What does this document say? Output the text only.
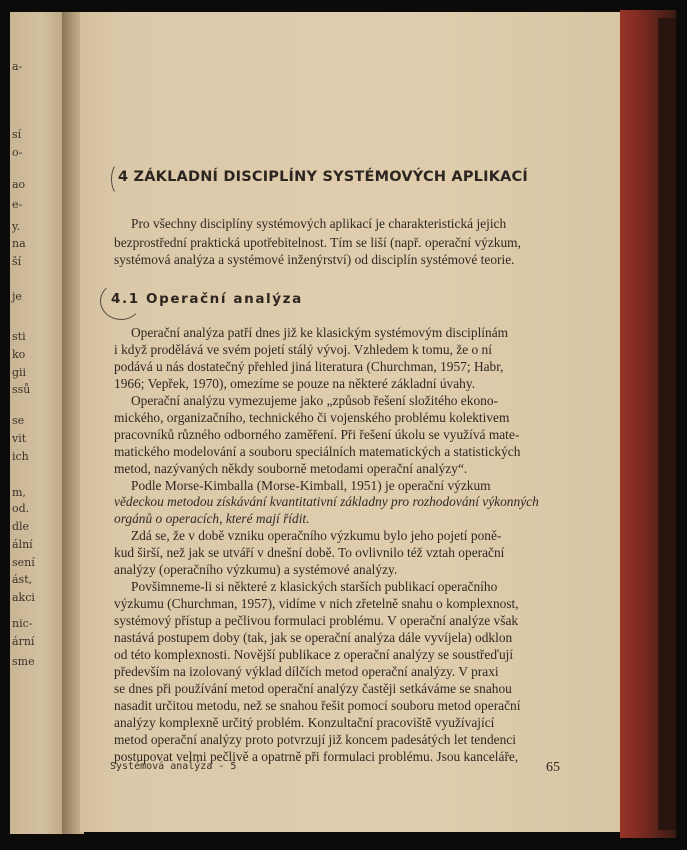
a-
sí
o-
ao
e-
y.
na
ší
je
sti
ko
gii
ssů
se
vit
ich
m,
od.
dle
ální
sení
ást,
akci
nic-
ární
sme
4 ZÁKLADNÍ DISCIPLÍNY SYSTÉMOVÝCH APLIKACÍ
4.1 Operační analýza
Systémová analýza - 5	65
Pro všechny disciplíny systémových aplikací je charakteristická jejich
bezprostřední praktická upotřebitelnost. Tím se liší (např. operační výzkum,
systémová analýza a systémové inženýrství) od disciplín systémové teorie.
Operační analýza patří dnes již ke klasickým systémovým disciplínám
i když prodělává ve svém pojetí stálý vývoj. Vzhledem k tomu, že o ní
podává u nás dostatečný přehled jiná literatura (Churchman, 1957; Habr,
1966; Vepřek, 1970), omezíme se pouze na některé základní úvahy.
Operační analýzu vymezujeme jako „způsob řešení složitého ekono-
mického, organizačního, technického či vojenského problému kolektivem
pracovníků různého odborného zaměření. Při řešení úkolu se využívá mate-
matického modelování a souboru speciálních matematických a statistických
metod, nazývaných někdy souborně metodami operační analýzy“.
Podle Morse-Kimballa (Morse-Kimball, 1951) je operační výzkum
vědeckou metodou získávání kvantitativní základny pro rozhodování výkonných
orgánů o operacích, které mají řídit.
Zdá se, že v době vzniku operačního výzkumu bylo jeho pojetí poně-
kud širší, než jak se utváří v dnešní době. To ovlivnilo též vztah operační
analýzy (operačního výzkumu) a systémové analýzy.
Povšimneme-li si některé z klasických starších publikací operačního
výzkumu (Churchman, 1957), vidíme v nich zřetelně snahu o komplexnost,
systémový přístup a pečlivou formulaci problému. V operační analýze však
nastává postupem doby (tak, jak se operační analýza dále vyvíjela) odklon
od této komplexnosti. Novější publikace z operační analýzy se soustřeďují
především na izolovaný výklad dílčích metod operační analýzy. V praxi
se dnes při používání metod operační analýzy častěji setkáváme se snahou
nasadit určitou metodu, než se snahou řešit pomocí souboru metod operační
analýzy komplexně určitý problém. Konzultační pracoviště využívající
metod operační analýzy proto potvrzují již koncem padesátých let tendenci
postupovat velmi pečlivě a opatrně při formulaci problému. Jsou kanceláře,
